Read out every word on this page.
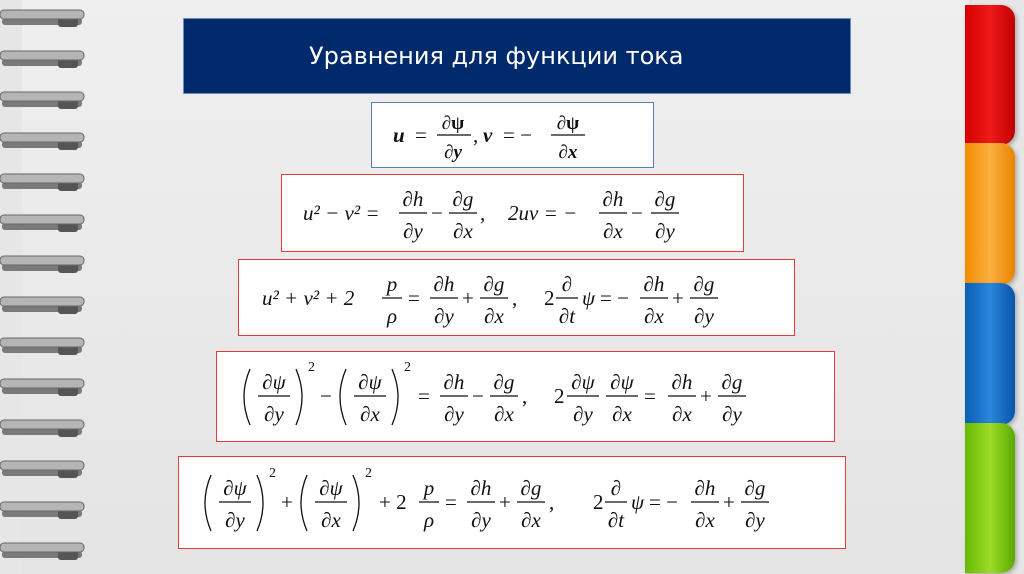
Уравнения для функции тока
u = ∂ψ
∂y
, v = − ∂ψ
∂x
u² − v² =
∂h
∂y
−
∂g
∂x
, 2uv = −
∂h
∂x
−
∂g
∂y
u² + v² + 2
p
ρ
=
∂h
∂y
+
∂g
∂x
, 2
∂
∂t
ψ = −
∂h
∂x
+
∂g
∂y
∂ψ
∂y
2
−
∂ψ
∂x
2
=
∂h
∂y
−
∂g
∂x
, 2
∂ψ
∂y
∂ψ
∂x
=
∂h
∂x
+
∂g
∂y
∂ψ
∂y
2
+
∂ψ
∂x
2
+ 2
p
ρ
=
∂h
∂y
+
∂g
∂x
, 2
∂
∂t
ψ = −
∂h
∂x
+
∂g
∂y
